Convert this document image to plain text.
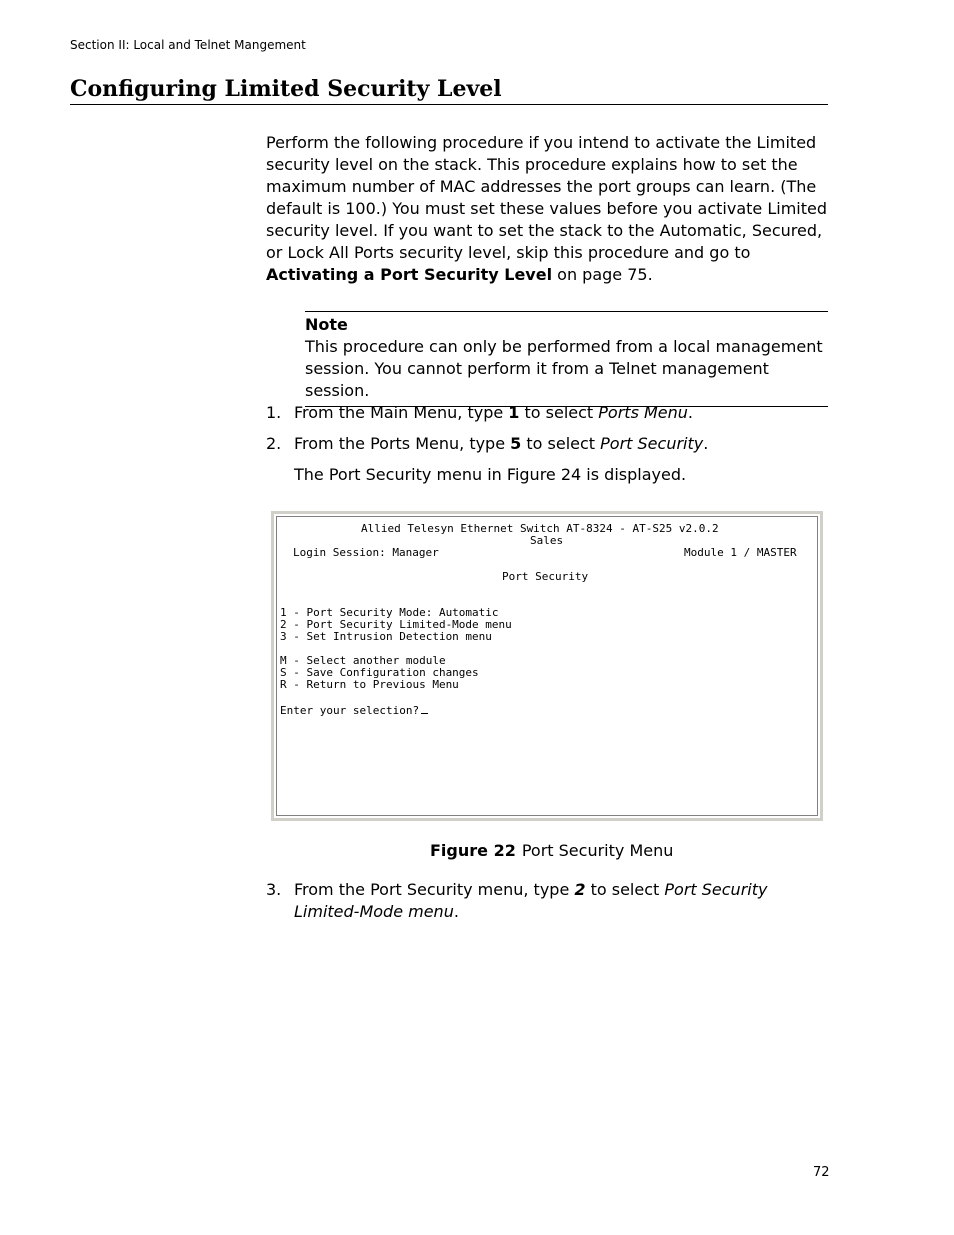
Section II: Local and Telnet Mangement
Configuring Limited Security Level

Perform the following procedure if you intend to activate the Limited security level on the stack. This procedure explains how to set the maximum number of MAC addresses the port groups can learn. (The default is 100.) You must set these values before you activate Limited security level. If you want to set the stack to the Automatic, Secured, or Lock All Ports security level, skip this procedure and go to Activating a Port Security Level on page 75.

Note
This procedure can only be performed from a local management session. You cannot perform it from a Telnet management session.
1. From the Main Menu, type 1 to select Ports Menu.
2. From the Ports Menu, type 5 to select Port Security.
The Port Security menu in Figure 24 is displayed.
Allied Telesyn Ethernet Switch AT-8324 - AT-S25 v2.0.2
Sales
Login Session: Manager	Module 1 / MASTER
Port Security
1 - Port Security Mode: Automatic
2 - Port Security Limited-Mode menu
3 - Set Intrusion Detection menu
M - Select another module
S - Save Configuration changes
R - Return to Previous Menu
Enter your selection?
Figure 22 Port Security Menu
3. From the Port Security menu, type 2 to select Port Security Limited-Mode menu.
72
